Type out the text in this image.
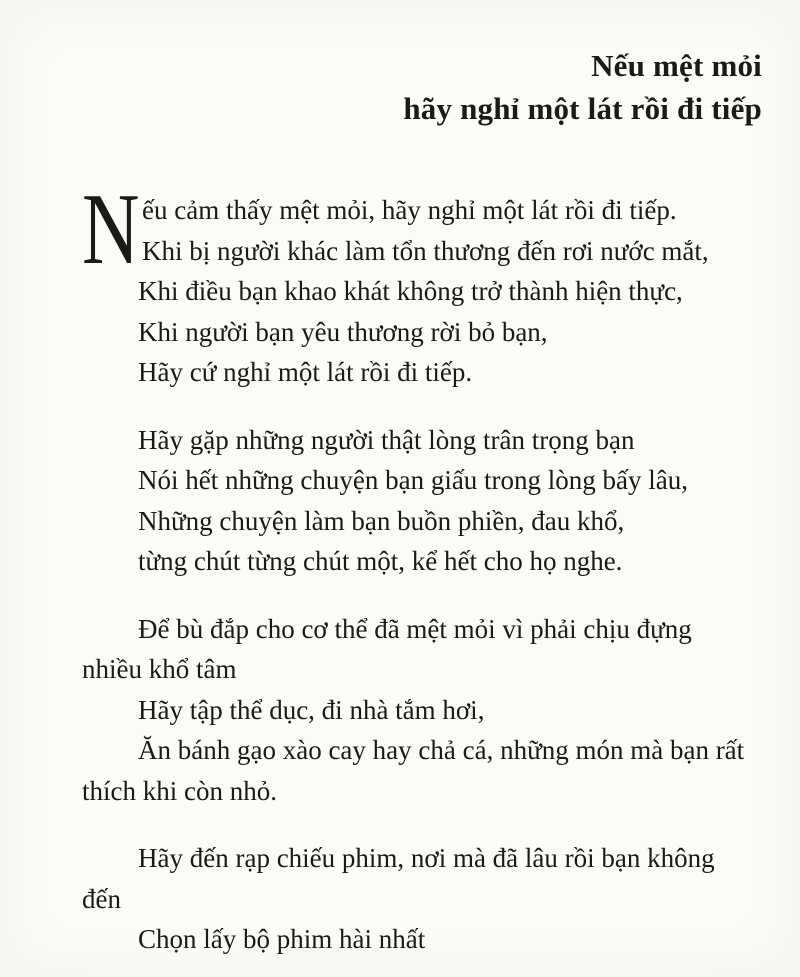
Nếu mệt mỏi
hãy nghỉ một lát rồi đi tiếp
N ếu cảm thấy mệt mỏi, hãy nghỉ một lát rồi đi tiếp.
Khi bị người khác làm tổn thương đến rơi nước mắt,
Khi điều bạn khao khát không trở thành hiện thực,
Khi người bạn yêu thương rời bỏ bạn,
Hãy cứ nghỉ một lát rồi đi tiếp.
Hãy gặp những người thật lòng trân trọng bạn
Nói hết những chuyện bạn giấu trong lòng bấy lâu,
Những chuyện làm bạn buồn phiền, đau khổ,
từng chút từng chút một, kể hết cho họ nghe.
Để bù đắp cho cơ thể đã mệt mỏi vì phải chịu đựng
nhiều khổ tâm
Hãy tập thể dục, đi nhà tắm hơi,
Ăn bánh gạo xào cay hay chả cá, những món mà bạn rất
thích khi còn nhỏ.
Hãy đến rạp chiếu phim, nơi mà đã lâu rồi bạn không
đến
Chọn lấy bộ phim hài nhất
